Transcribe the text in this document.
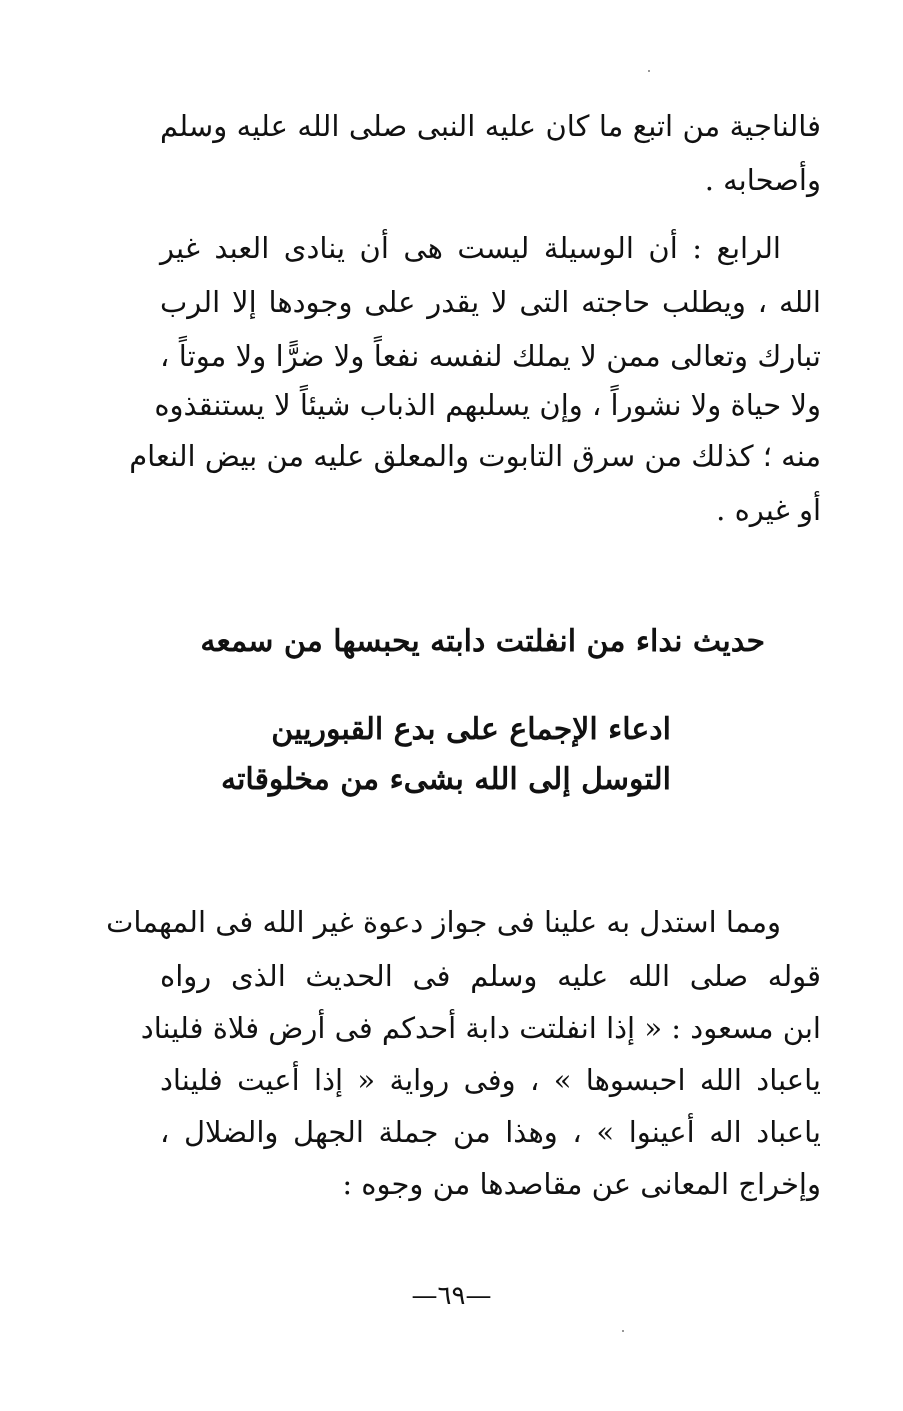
فالناجية من اتبع ما كان عليه النبى صلى الله عليه وسلم
وأصحابه .
الرابع : أن الوسيلة ليست هى أن ينادى العبد غير
الله ، ويطلب حاجته التى لا يقدر على وجودها إلا الرب
تبارك وتعالى ممن لا يملك لنفسه نفعاً ولا ضرًّا ولا موتاً ،
ولا حياة ولا نشوراً ، وإن يسلبهم الذباب شيئاً لا يستنقذوه
منه ؛ كذلك من سرق التابوت والمعلق عليه من بيض النعام
أو غيره .
حديث نداء من انفلتت دابته يحبسها من سمعه
ادعاء الإجماع على بدع القبوريين
التوسل إلى الله بشىء من مخلوقاته
ومما استدل به علينا فى جواز دعوة غير الله فى المهمات
قوله صلى الله عليه وسلم فى الحديث الذى رواه
ابن مسعود : « إذا انفلتت دابة أحدكم فى أرض فلاة فليناد
ياعباد الله احبسوها » ، وفى رواية « إذا أعيت فليناد
ياعباد اله أعينوا » ، وهذا من جملة الجهل والضلال ،
وإخراج المعانى عن مقاصدها من وجوه :
—٦٩—
